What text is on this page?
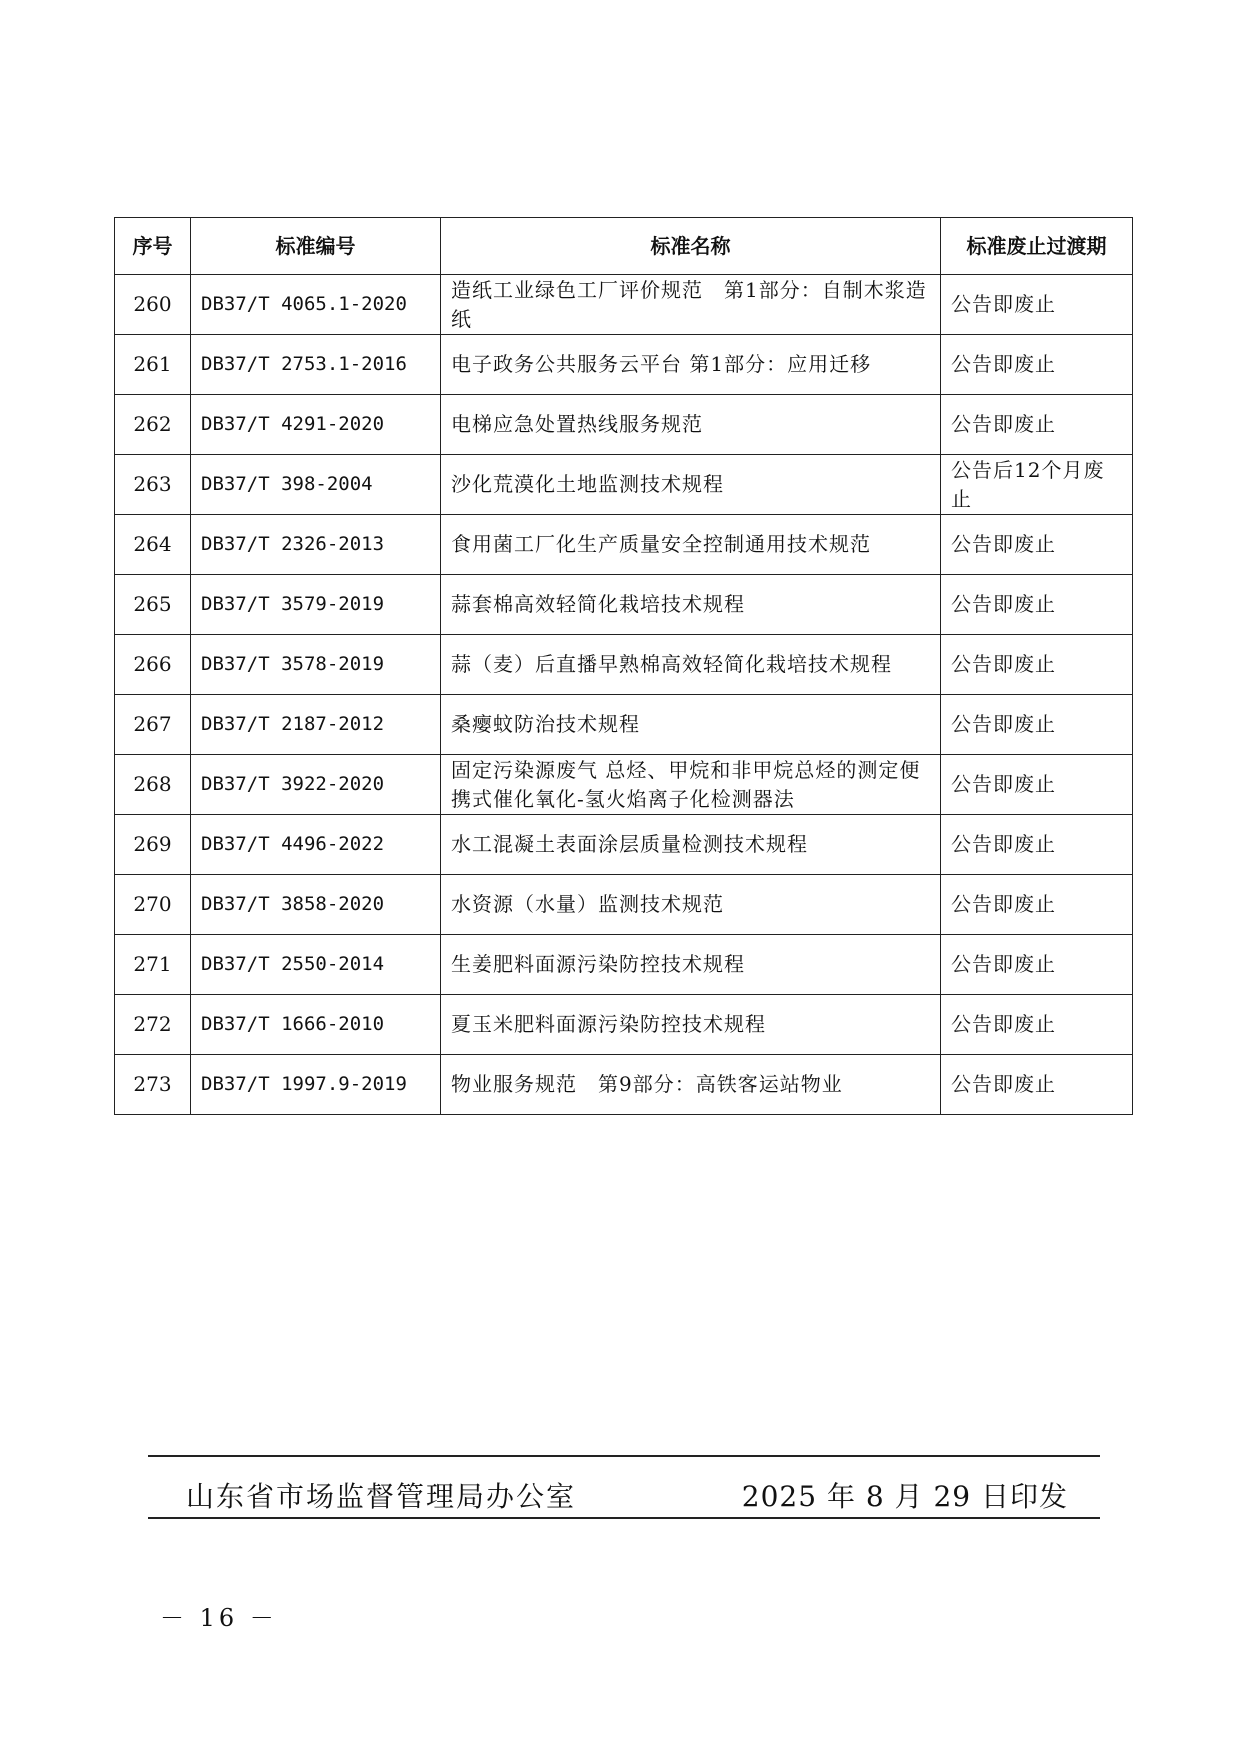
序号	标准编号	标准名称	标准废止过渡期
260	DB37/T 4065.1-2020	造纸工业绿色工厂评价规范　第1部分：自制木浆造纸	公告即废止
261	DB37/T 2753.1-2016	电子政务公共服务云平台 第1部分：应用迁移	公告即废止
262	DB37/T 4291-2020	电梯应急处置热线服务规范	公告即废止
263	DB37/T 398-2004	沙化荒漠化土地监测技术规程	公告后12个月废止
264	DB37/T 2326-2013	食用菌工厂化生产质量安全控制通用技术规范	公告即废止
265	DB37/T 3579-2019	蒜套棉高效轻简化栽培技术规程	公告即废止
266	DB37/T 3578-2019	蒜（麦）后直播早熟棉高效轻简化栽培技术规程	公告即废止
267	DB37/T 2187-2012	桑瘿蚊防治技术规程	公告即废止
268	DB37/T 3922-2020	固定污染源废气 总烃、甲烷和非甲烷总烃的测定便携式催化氧化-氢火焰离子化检测器法	公告即废止
269	DB37/T 4496-2022	水工混凝土表面涂层质量检测技术规程	公告即废止
270	DB37/T 3858-2020	水资源（水量）监测技术规范	公告即废止
271	DB37/T 2550-2014	生姜肥料面源污染防控技术规程	公告即废止
272	DB37/T 1666-2010	夏玉米肥料面源污染防控技术规程	公告即废止
273	DB37/T 1997.9-2019	物业服务规范　第9部分：高铁客运站物业	公告即废止
山东省市场监督管理局办公室	2025 年 8 月 29 日印发
－ 16 －
